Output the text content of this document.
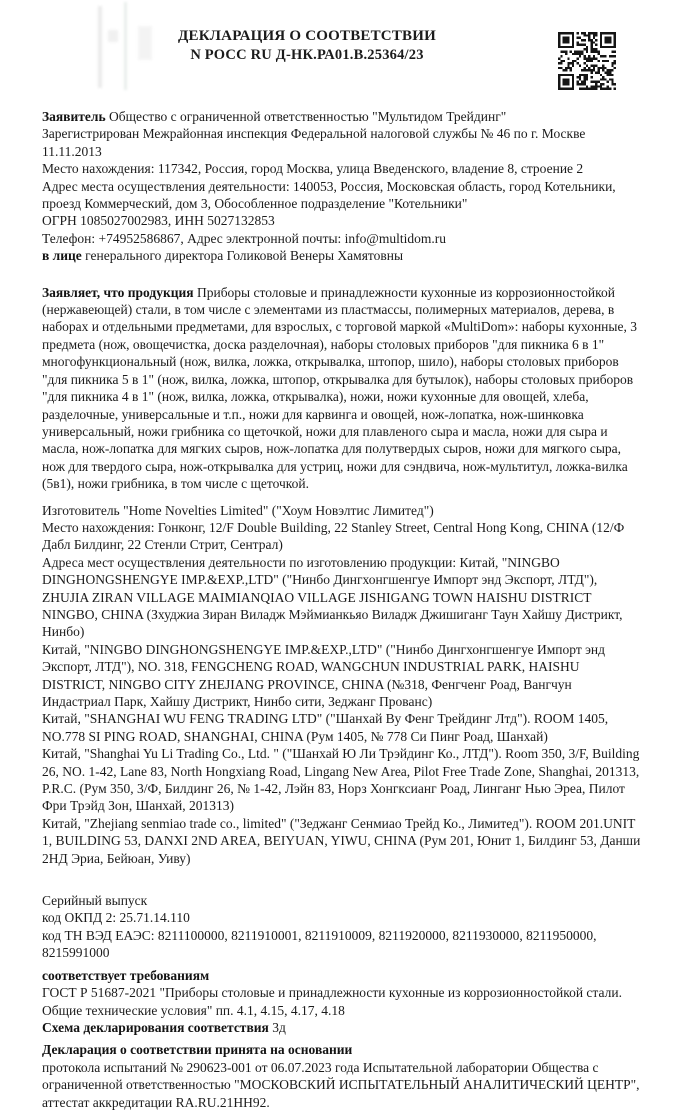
ДЕКЛАРАЦИЯ О СООТВЕТСТВИИ
N РОСС RU Д-НК.РА01.В.25364/23

Заявитель Общество с ограниченной ответственностью "Мультидом Трейдинг"

Зарегистрирован Межрайонная инспекция Федеральной налоговой службы № 46 по г. Москве 11.11.2013

Место нахождения: 117342, Россия, город Москва, улица Введенского, владение 8, строение 2

Адрес места осуществления деятельности: 140053, Россия, Московская область, город Котельники, проезд Коммерческий, дом 3, Обособленное подразделение "Котельники"

ОГРН 1085027002983, ИНН 5027132853

Телефон: +74952586867, Адрес электронной почты: info@multidom.ru

в лице генерального директора Голиковой Венеры Хамятовны

Заявляет, что продукция Приборы столовые и принадлежности кухонные из коррозионностойкой (нержавеющей) стали, в том числе с элементами из пластмассы, полимерных материалов, дерева, в наборах и отдельными предметами, для взрослых, с торговой маркой «MultiDom»: наборы кухонные, 3 предмета (нож, овощечистка, доска разделочная), наборы столовых приборов "для пикника 6 в 1" многофункциональный (нож, вилка, ложка, открывалка, штопор, шило), наборы столовых приборов "для пикника 5 в 1" (нож, вилка, ложка, штопор, открывалка для бутылок), наборы столовых приборов "для пикника 4 в 1" (нож, вилка, ложка, открывалка), ножи, ножи кухонные для овощей, хлеба, разделочные, универсальные и т.п., ножи для карвинга и овощей, нож-лопатка, нож-шинковка универсальный, ножи грибника со щеточкой, ножи для плавленого сыра и масла, ножи для сыра и масла, нож-лопатка для мягких сыров, нож-лопатка для полутвердых сыров, ножи для мягкого сыра, нож для твердого сыра, нож-открывалка для устриц, ножи для сэндвича, нож-мультитул, ложка-вилка (5в1), ножи грибника, в том числе с щеточкой.

Изготовитель "Home Novelties Limited" ("Хоум Новэлтис Лимитед")

Место нахождения: Гонконг, 12/F Double Building, 22 Stanley Street, Central Hong Kong, CHINA (12/Ф Дабл Билдинг, 22 Стенли Стрит, Сентрал)

Адреса мест осуществления деятельности по изготовлению продукции: Китай, "NINGBO DINGHONGSHENGYE IMP.&EXP.,LTD" ("Нинбо Дингхонгшенгуе Импорт энд Экспорт, ЛТД"), ZHUJIA ZIRAN VILLAGE MAIMIANQIAO VILLAGE JISHIGANG TOWN HAISHU DISTRICT NINGBO, CHINA (Зхуджиа Зиран Виладж Мэймианкьяо Виладж Джишиганг Таун Хайшу Дистрикт, Нинбо)

Китай, "NINGBO DINGHONGSHENGYE IMP.&EXP.,LTD" ("Нинбо Дингхонгшенгуе Импорт энд Экспорт, ЛТД"), NO. 318, FENGCHENG ROAD, WANGCHUN INDUSTRIAL PARK, HAISHU DISTRICT, NINGBO CITY ZHEJIANG PROVINCE, CHINA (№318, Фенгченг Роад, Вангчун Индастриал Парк, Хайшу Дистрикт, Нинбо сити, Зеджанг Прованс)

Китай, "SHANGHAI WU FENG TRADING LTD" ("Шанхай Ву Фенг Трейдинг Лтд"). ROOM 1405, NO.778 SI PING ROAD, SHANGHAI, CHINA (Рум 1405, № 778 Си Пинг Роад, Шанхай)

Китай, "Shanghai Yu Li Trading Co., Ltd. " ("Шанхай Ю Ли Трэйдинг Ко., ЛТД"). Room 350, 3/F, Building 26, NO. 1-42, Lane 83, North Hongxiang Road, Lingang New Area, Pilot Free Trade Zone, Shanghai, 201313, P.R.C. (Рум 350, 3/Ф, Билдинг 26, № 1-42, Лэйн 83, Норз Хонгксианг Роад, Линганг Нью Эреа, Пилот Фри Трэйд Зон, Шанхай, 201313)

Китай, "Zhejiang senmiao trade co., limited" ("Зеджанг Сенмиао Трейд Ко., Лимитед"). ROOM 201.UNIT 1, BUILDING 53, DANXI 2ND AREA, BEIYUAN, YIWU, CHINA (Рум 201, Юнит 1, Билдинг 53, Данши 2НД Эриа, Бейюан, Уиву)

Серийный выпуск

код ОКПД 2: 25.71.14.110

код ТН ВЭД ЕАЭС: 8211100000, 8211910001, 8211910009, 8211920000, 8211930000, 8211950000, 8215991000

соответствует требованиям

ГОСТ Р 51687-2021 "Приборы столовые и принадлежности кухонные из коррозионностойкой стали. Общие технические условия" пп. 4.1, 4.15, 4.17, 4.18

Схема декларирования соответствия 3д

Декларация о соответствии принята на основании

протокола испытаний № 290623-001 от 06.07.2023 года Испытательной лаборатории Общества с ограниченной ответственностью "МОСКОВСКИЙ ИСПЫТАТЕЛЬНЫЙ АНАЛИТИЧЕСКИЙ ЦЕНТР", аттестат аккредитации RA.RU.21HH92.
